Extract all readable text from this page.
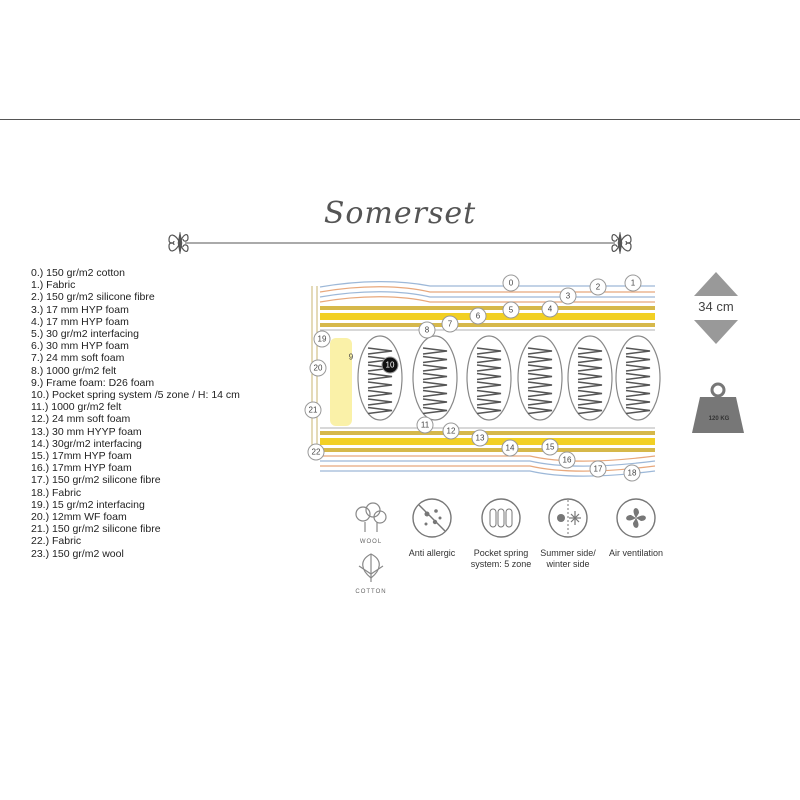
Somerset
0.) 150 gr/m2 cotton
1.) Fabric
2.) 150 gr/m2 silicone fibre
3.) 17 mm HYP foam
4.) 17 mm HYP foam
5.) 30 gr/m2 interfacing
6.) 30 mm HYP foam
7.) 24 mm soft foam
8.) 1000 gr/m2 felt
9.) Frame foam: D26 foam
10.) Pocket spring system /5 zone / H: 14 cm
11.) 1000 gr/m2 felt
12.) 24 mm soft foam
13.) 30 mm HYYP foam
14.) 30gr/m2 interfacing
15.) 17mm HYP foam
16.) 17mm HYP foam
17.) 150 gr/m2 silicone fibre
18.) Fabric
19.) 15 gr/m2 interfacing
20.) 12mm WF foam
21.) 150 gr/m2 silicone fibre
22.) Fabric
23.) 150 gr/m2 wool
0	1
2
3
4
5
6
7
8
9
10
11
12
13
14	15
16
17	18
19
20
21
22
34 cm
120 KG
WOOL
COTTON
Anti allergic	Pocket spring system: 5 zone
Summer side/ winter side
Air ventilation
